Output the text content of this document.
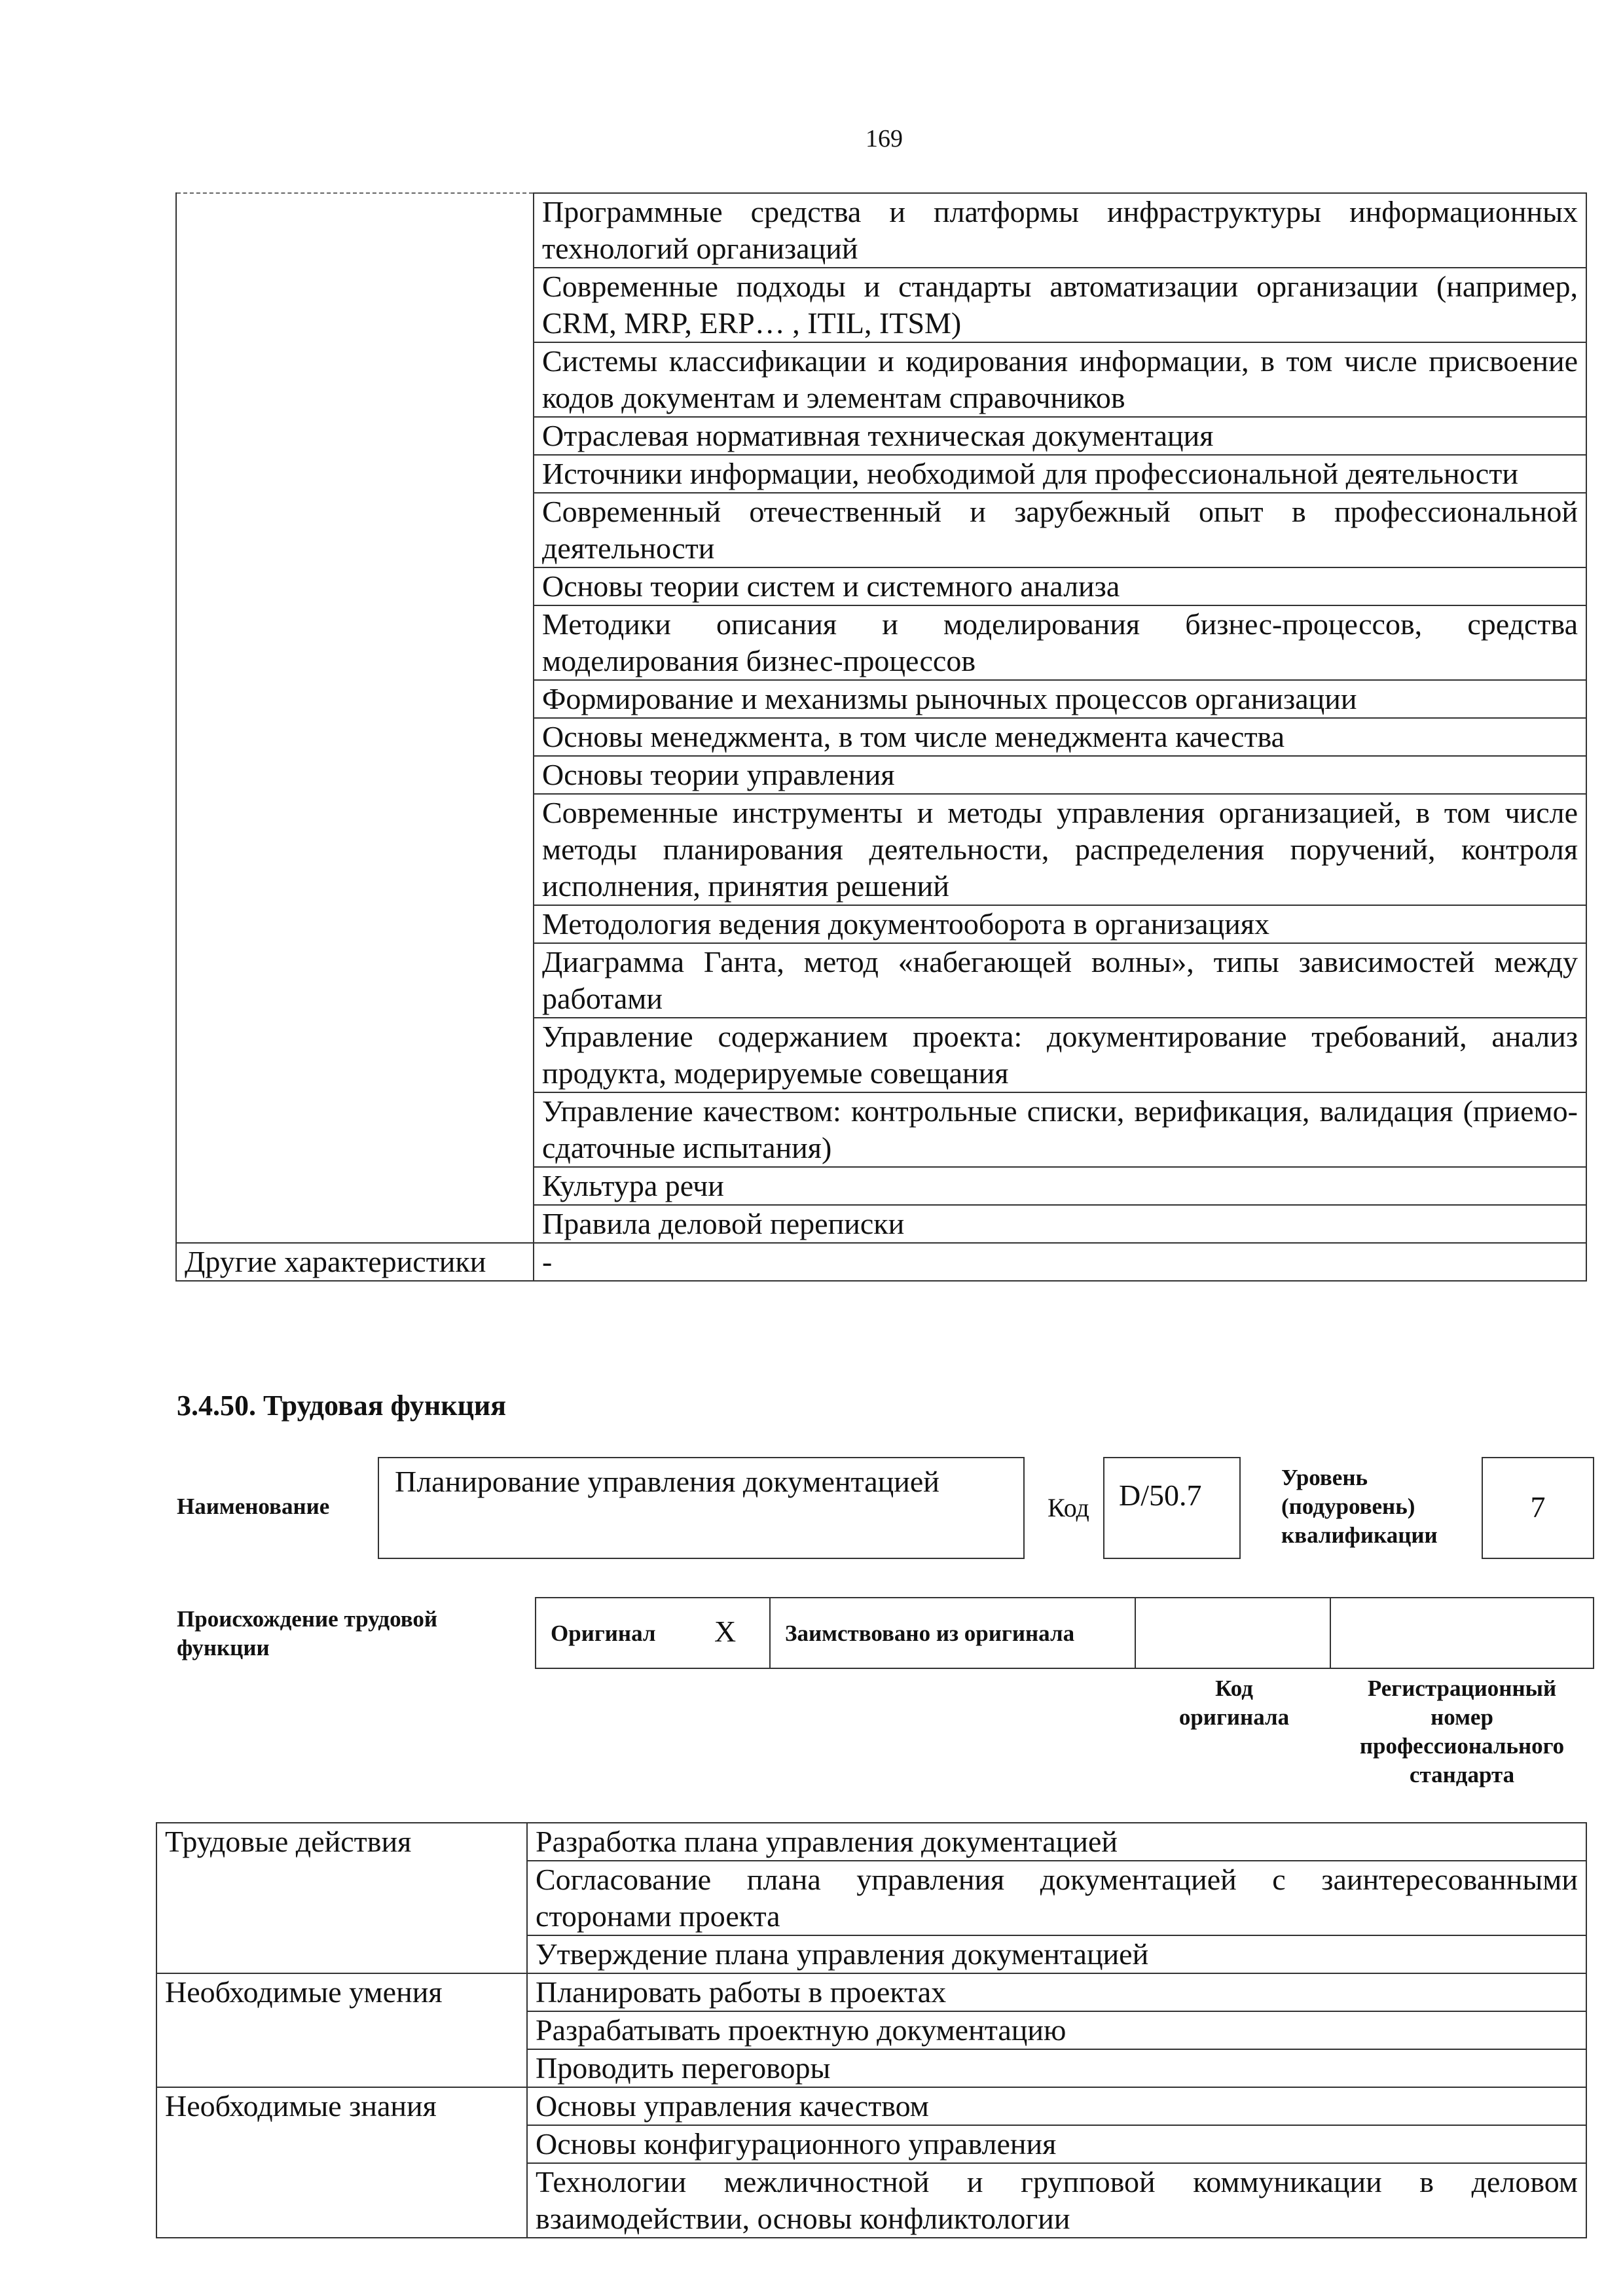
169
	Программные средства и платформы инфраструктуры информационных технологий организаций
	Современные подходы и стандарты автоматизации организации (например, CRM, MRP, ERP… , ITIL, ITSM)
	Системы классификации и кодирования информации, в том числе присвоение кодов документам и элементам справочников
	Отраслевая нормативная техническая документация
	Источники информации, необходимой для профессиональной деятельности
	Современный отечественный и зарубежный опыт в профессиональной деятельности
	Основы теории систем и системного анализа
	Методики описания и моделирования бизнес-процессов, средства моделирования бизнес-процессов
	Формирование и механизмы рыночных процессов организации
	Основы менеджмента, в том числе менеджмента качества
	Основы теории управления
	Современные инструменты и методы управления организацией, в том числе методы планирования деятельности, распределения поручений, контроля исполнения, принятия решений
	Методология ведения документооборота в организациях
	Диаграмма Ганта, метод «набегающей волны», типы зависимостей между работами
	Управление содержанием проекта: документирование требований, анализ продукта, модерируемые совещания
	Управление качеством: контрольные списки, верификация, валидация (приемо-сдаточные испытания)
	Культура речи
	Правила деловой переписки
Другие характеристики	-
3.4.50. Трудовая функция
Наименование
Планирование управления документацией
Код D/50.7
Уровень
(подуровень)
квалификации
7
Происхождение трудовой
функции
Оригинал X Заимствовано из оригинала
Код
оригинала
Регистрационный
номер
профессионального
стандарта
Трудовые действия	Разработка плана управления документацией
	Согласование плана управления документацией с заинтересованными сторонами проекта
	Утверждение плана управления документацией
Необходимые умения	Планировать работы в проектах
	Разрабатывать проектную документацию
	Проводить переговоры
Необходимые знания	Основы управления качеством
	Основы конфигурационного управления
	Технологии межличностной и групповой коммуникации в деловом взаимодействии, основы конфликтологии
